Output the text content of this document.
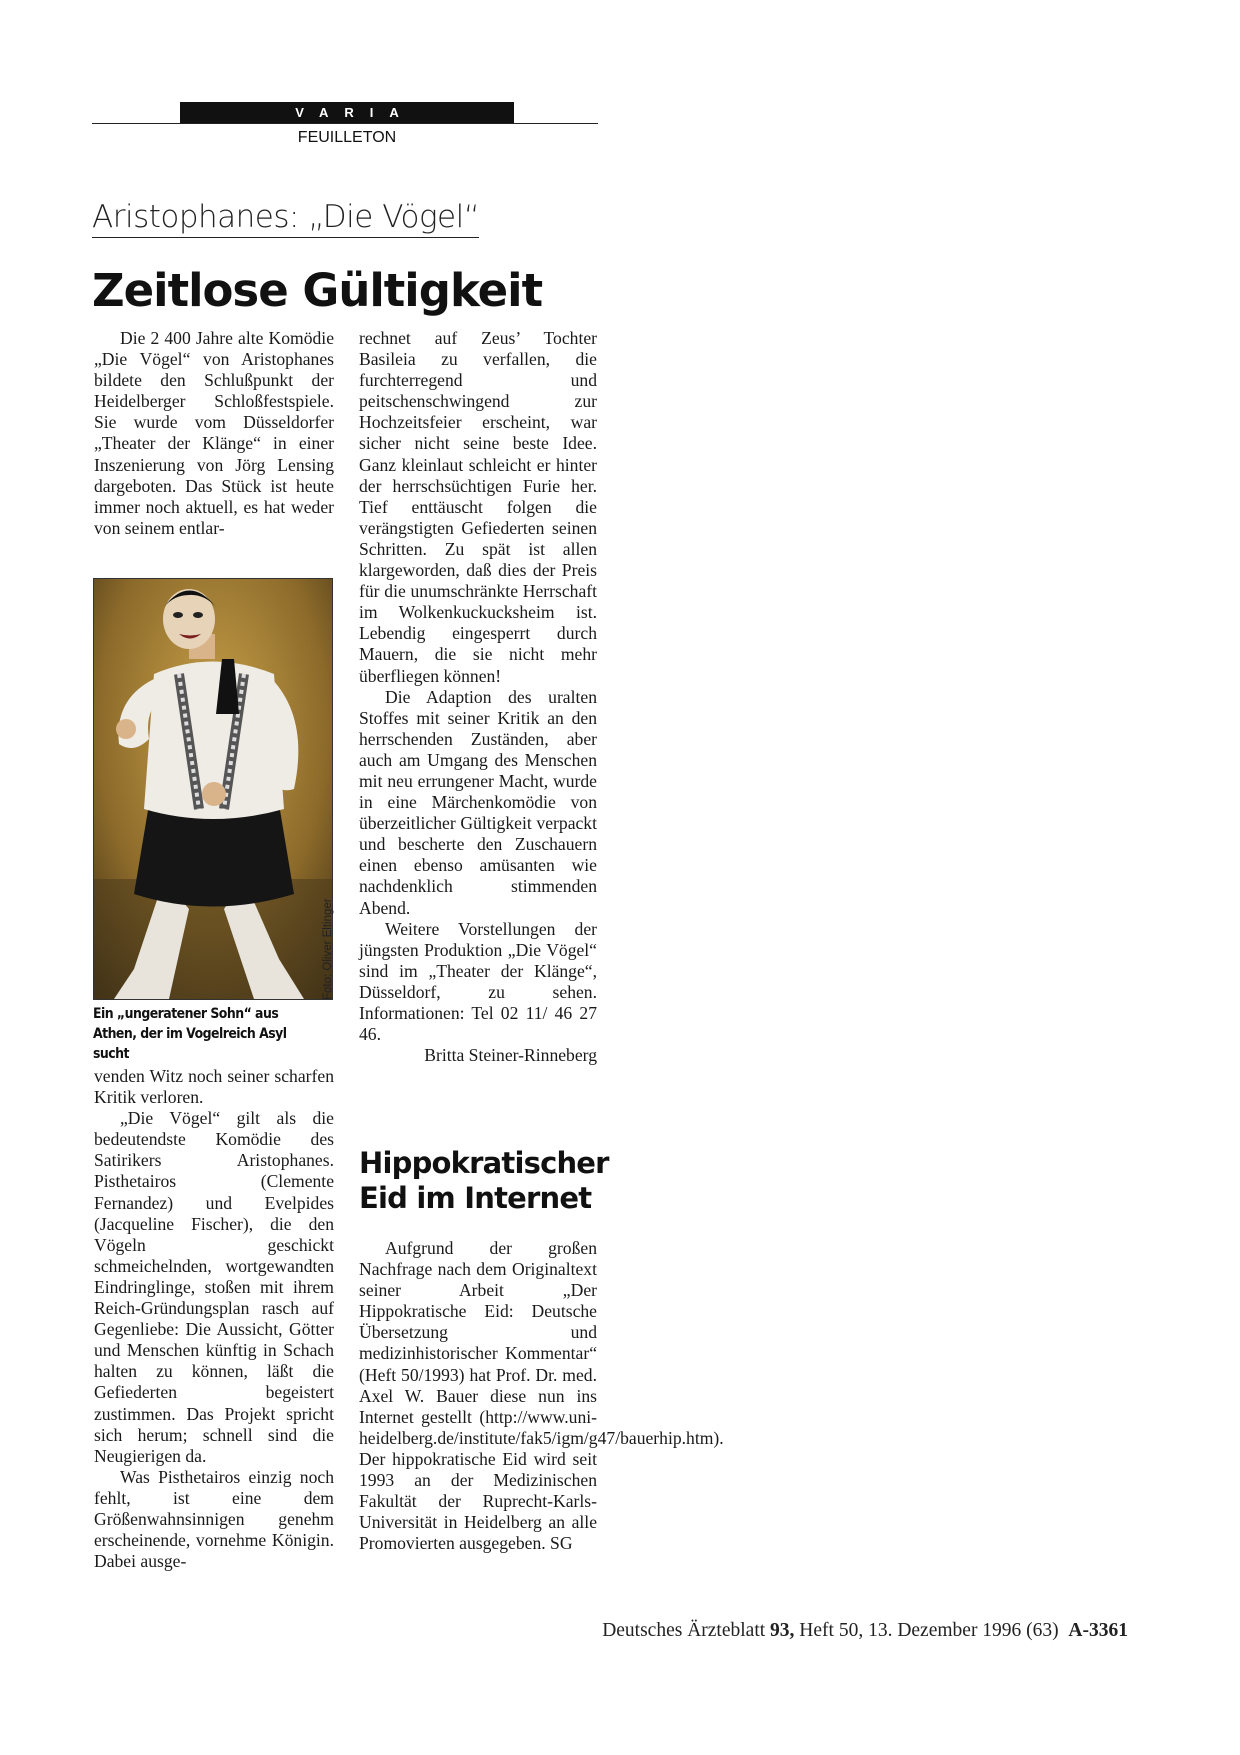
VARIA
FEUILLETON
Aristophanes: „Die Vögel“
Zeitlose Gültigkeit

Die 2 400 Jahre alte Komödie „Die Vögel“ von Aristophanes bildete den Schlußpunkt der Heidelberger Schloßfestspiele. Sie wurde vom Düsseldorfer „Theater der Klänge“ in einer Inszenierung von Jörg Lensing dargeboten. Das Stück ist heute immer noch aktuell, es hat weder von seinem entlar-

Foto: Oliver Eltinger
Ein „ungeratener Sohn“ aus Athen, der im Vogelreich Asyl sucht

venden Witz noch seiner scharfen Kritik verloren.

„Die Vögel“ gilt als die bedeutendste Komödie des Satirikers Aristophanes. Pisthetairos (Clemente Fernandez) und Evelpides (Jacqueline Fischer), die den Vögeln geschickt schmeichelnden, wortgewandten Eindringlinge, stoßen mit ihrem Reich-Gründungsplan rasch auf Gegenliebe: Die Aussicht, Götter und Menschen künftig in Schach halten zu können, läßt die Gefiederten begeistert zustimmen. Das Projekt spricht sich herum; schnell sind die Neugierigen da.

Was Pisthetairos einzig noch fehlt, ist eine dem Größenwahnsinnigen genehm erscheinende, vornehme Königin. Dabei ausge-

rechnet auf Zeus’ Tochter Basileia zu verfallen, die furchterregend und peitschenschwingend zur Hochzeitsfeier erscheint, war sicher nicht seine beste Idee. Ganz kleinlaut schleicht er hinter der herrschsüchtigen Furie her. Tief enttäuscht folgen die verängstigten Gefiederten seinen Schritten. Zu spät ist allen klargeworden, daß dies der Preis für die unumschränkte Herrschaft im Wolkenkuckucksheim ist. Lebendig eingesperrt durch Mauern, die sie nicht mehr überfliegen können!

Die Adaption des uralten Stoffes mit seiner Kritik an den herrschenden Zuständen, aber auch am Umgang des Menschen mit neu errungener Macht, wurde in eine Märchenkomödie von überzeitlicher Gültigkeit verpackt und bescherte den Zuschauern einen ebenso amüsanten wie nachdenklich stimmenden Abend.

Weitere Vorstellungen der jüngsten Produktion „Die Vögel“ sind im „Theater der Klänge“, Düsseldorf, zu sehen. Informationen: Tel 02 11/ 46 27 46.

Britta Steiner-Rinneberg
Hippokratischer Eid im Internet

Aufgrund der großen Nachfrage nach dem Originaltext seiner Arbeit „Der Hippokratische Eid: Deutsche Übersetzung und medizinhistorischer Kommentar“ (Heft 50/1993) hat Prof. Dr. med. Axel W. Bauer diese nun ins Internet gestellt (http://www.uni-heidelberg.de/institute/fak5/igm/g47/bauerhip.htm). Der hippokratische Eid wird seit 1993 an der Medizinischen Fakultät der Ruprecht-Karls-Universität in Heidelberg an alle Promovierten ausgegeben. SG

Deutsches Ärzteblatt 93, Heft 50, 13. Dezember 1996 (63) A-3361
